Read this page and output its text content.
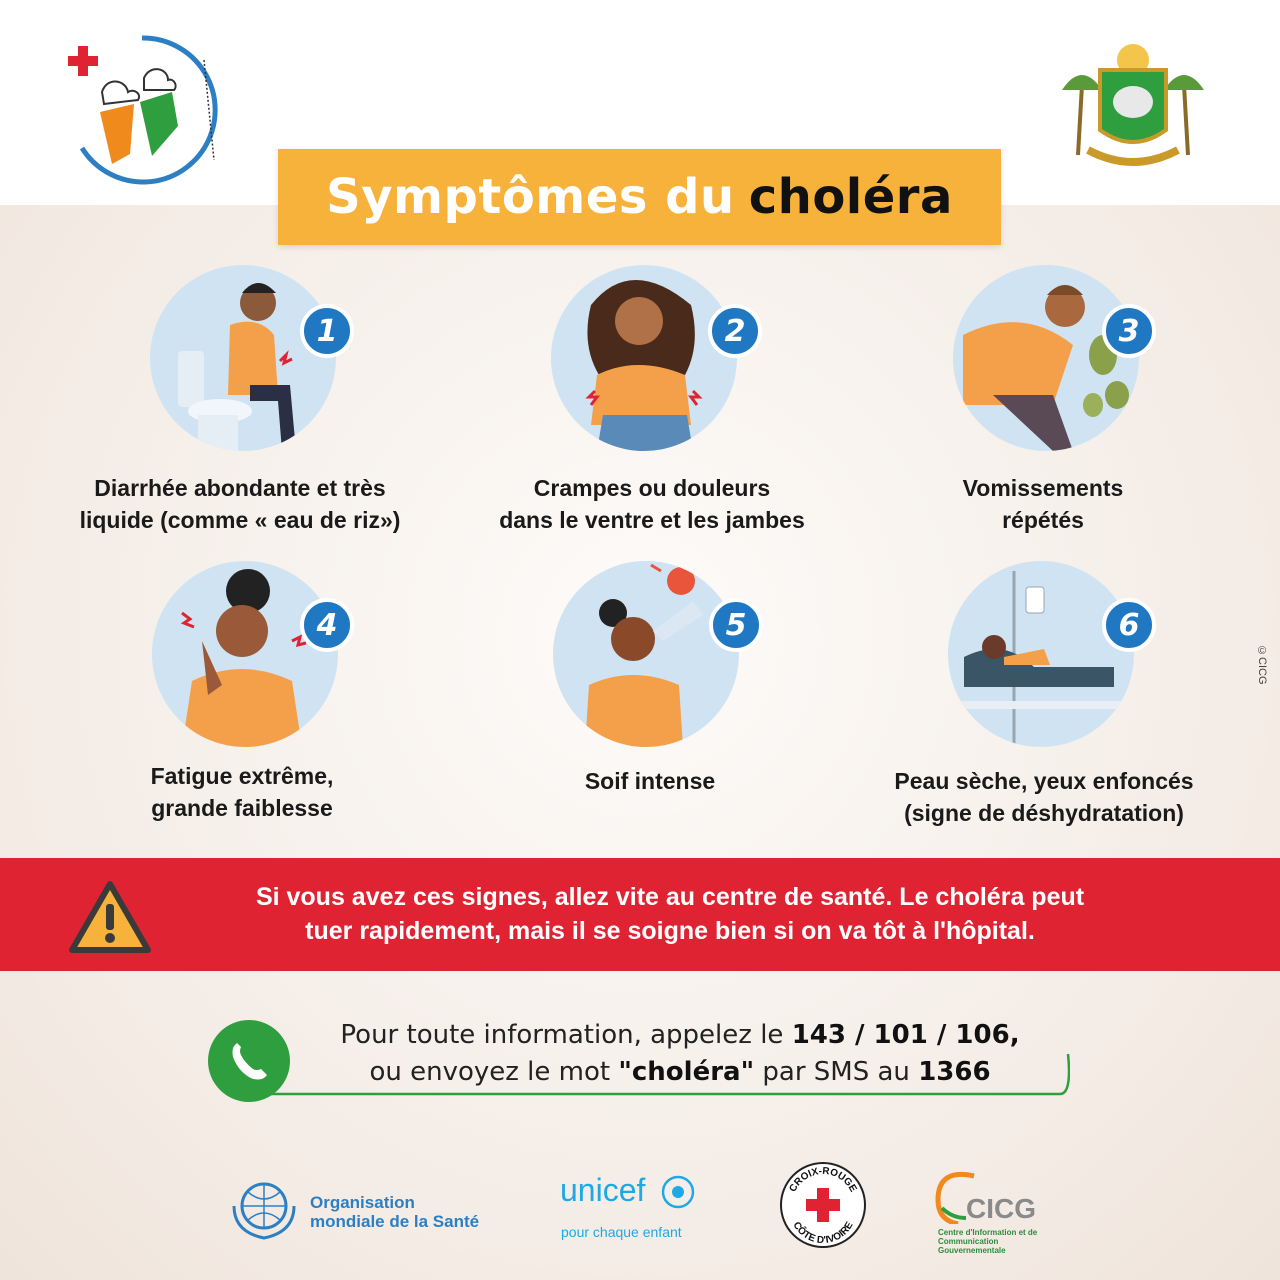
Symptômes du choléra
1
Diarrhée abondante et très
liquide (comme « eau de riz»)
2
Crampes ou douleurs
dans le ventre et les jambes
3
Vomissements
répétés
4
Fatigue extrême,
grande faiblesse
5
Soif intense
6
Peau sèche, yeux enfoncés
(signe de déshydratation)
©CICG
Si vous avez ces signes, allez vite au centre de santé. Le choléra peut
tuer rapidement, mais il se soigne bien si on va tôt à l'hôpital.
Pour toute information, appelez le 143 / 101 / 106,
ou envoyez le mot "choléra" par SMS au 1366
Organisation
mondiale de la Santé
unicef
pour chaque enfant
CROIX-ROUGE
CÔTE D'IVOIRE
CICG
Centre d'Information et de Communication Gouvernementale
